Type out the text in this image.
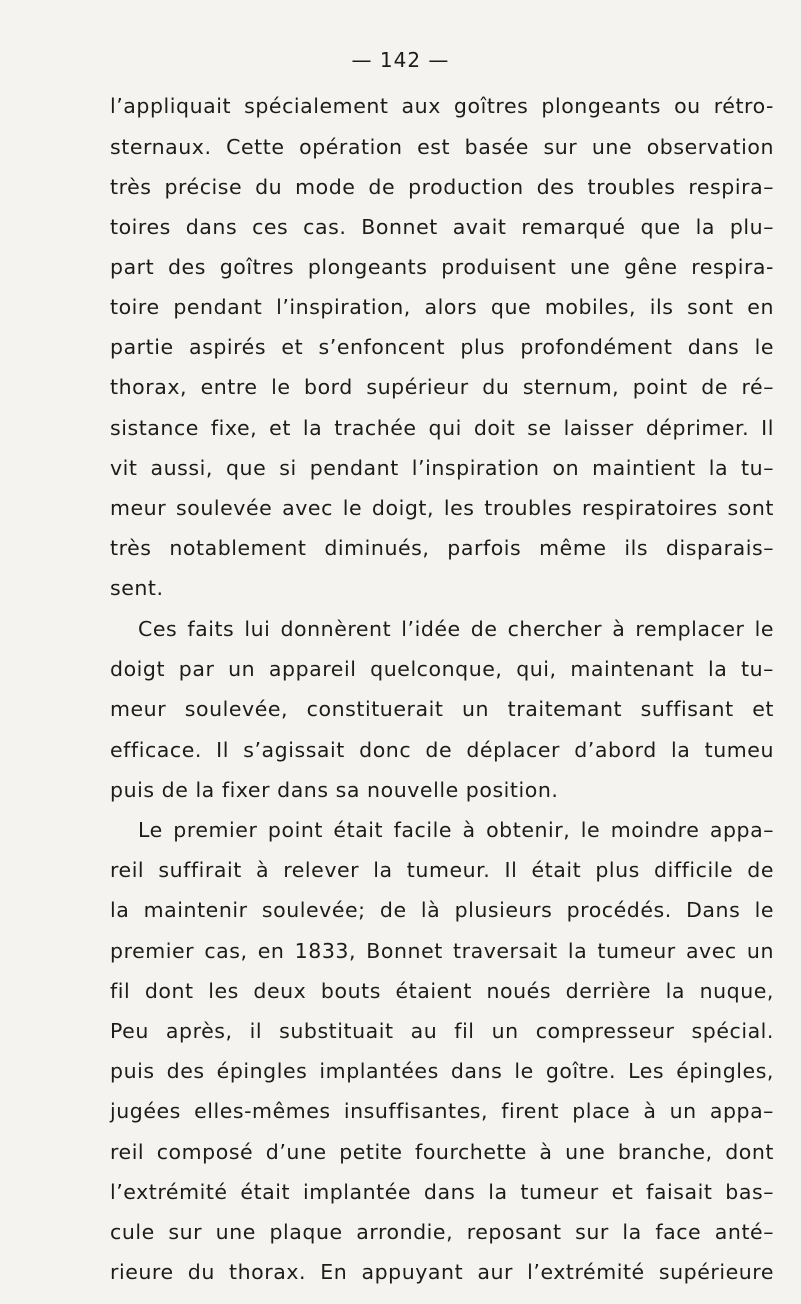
— 142 —

l’appliquait spécialement aux goîtres plongeants ou rétro-

sternaux. Cette opération est basée sur une observation

très précise du mode de production des troubles respira–

toires dans ces cas. Bonnet avait remarqué que la plu–

part des goîtres plongeants produisent une gêne respira-

toire pendant l’inspiration, alors que mobiles, ils sont en

partie aspirés et s’enfoncent plus profondément dans le

thorax, entre le bord supérieur du sternum, point de ré–

sistance fixe, et la trachée qui doit se laisser déprimer. Il

vit aussi, que si pendant l’inspiration on maintient la tu–

meur soulevée avec le doigt, les troubles respiratoires sont

très notablement diminués, parfois même ils disparais–

sent.

Ces faits lui donnèrent l’idée de chercher à remplacer le

doigt par un appareil quelconque, qui, maintenant la tu–

meur soulevée, constituerait un traitemant suffisant et

efficace. Il s’agissait donc de déplacer d’abord la tumeu

puis de la fixer dans sa nouvelle position.

Le premier point était facile à obtenir, le moindre appa–

reil suffirait à relever la tumeur. Il était plus difficile de

la maintenir soulevée; de là plusieurs procédés. Dans le

premier cas, en 1833, Bonnet traversait la tumeur avec un

fil dont les deux bouts étaient noués derrière la nuque,

Peu après, il substituait au fil un compresseur spécial.

puis des épingles implantées dans le goître. Les épingles,

jugées elles-mêmes insuffisantes, firent place à un appa–

reil composé d’une petite fourchette à une branche, dont

l’extrémité était implantée dans la tumeur et faisait bas–

cule sur une plaque arrondie, reposant sur la face anté–

rieure du thorax. En appuyant aur l’extrémité supérieure
